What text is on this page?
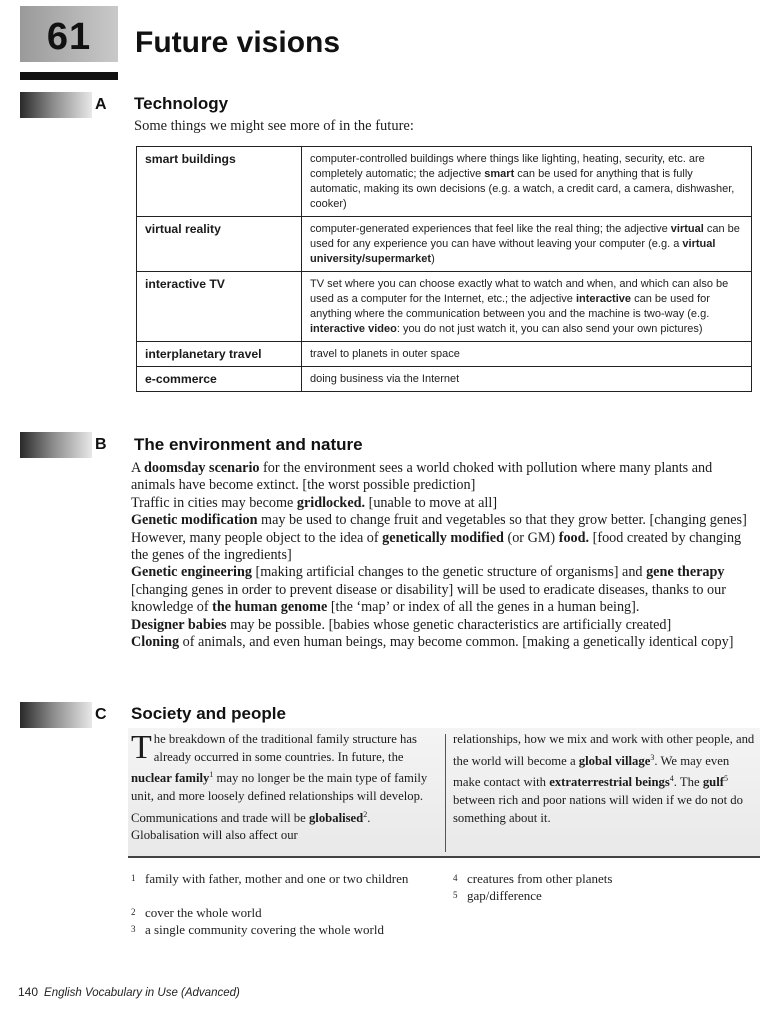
61	Future visions
A Technology
Some things we might see more of in the future:
smart buildings	computer-controlled buildings where things like lighting, heating, security, etc. are completely automatic; the adjective smart can be used for anything that is fully automatic, making its own decisions (e.g. a watch, a credit card, a camera, dishwasher, cooker)
virtual reality	computer-generated experiences that feel like the real thing; the adjective virtual can be used for any experience you can have without leaving your computer (e.g. a virtual university/supermarket)
interactive TV	TV set where you can choose exactly what to watch and when, and which can also be used as a computer for the Internet, etc.; the adjective interactive can be used for anything where the communication between you and the machine is two-way (e.g. interactive video: you do not just watch it, you can also send your own pictures)
interplanetary travel	travel to planets in outer space
e-commerce	doing business via the Internet
B The environment and nature

A doomsday scenario for the environment sees a world choked with pollution where many plants and animals have become extinct. [the worst possible prediction]

Traffic in cities may become gridlocked. [unable to move at all]

Genetic modification may be used to change fruit and vegetables so that they grow better. [changing genes] However, many people object to the idea of genetically modified (or GM) food. [food created by changing the genes of the ingredients]

Genetic engineering [making artificial changes to the genetic structure of organisms] and gene therapy [changing genes in order to prevent disease or disability] will be used to eradicate diseases, thanks to our knowledge of the human genome [the ‘map’ or index of all the genes in a human being].

Designer babies may be possible. [babies whose genetic characteristics are artificially created]

Cloning of animals, and even human beings, may become common. [making a genetically identical copy]

C Society and people
The breakdown of the traditional family structure has already occurred in some countries. In future, the nuclear family$^1$ may no longer be the main type of family unit, and more loosely defined relationships will develop. Communications and trade will be globalised$^2$. Globalisation will also affect our
relationships, how we mix and work with other people, and the world will become a global village$^3$. We may even make contact with extraterrestrial beings$^4$. The gulf$^5$ between rich and poor nations will widen if we do not do something about it.
1 family with father, mother and one or two children
2 cover the whole world
3 a single community covering the whole world
4 creatures from other planets
5 gap/difference
140 English Vocabulary in Use (Advanced)
